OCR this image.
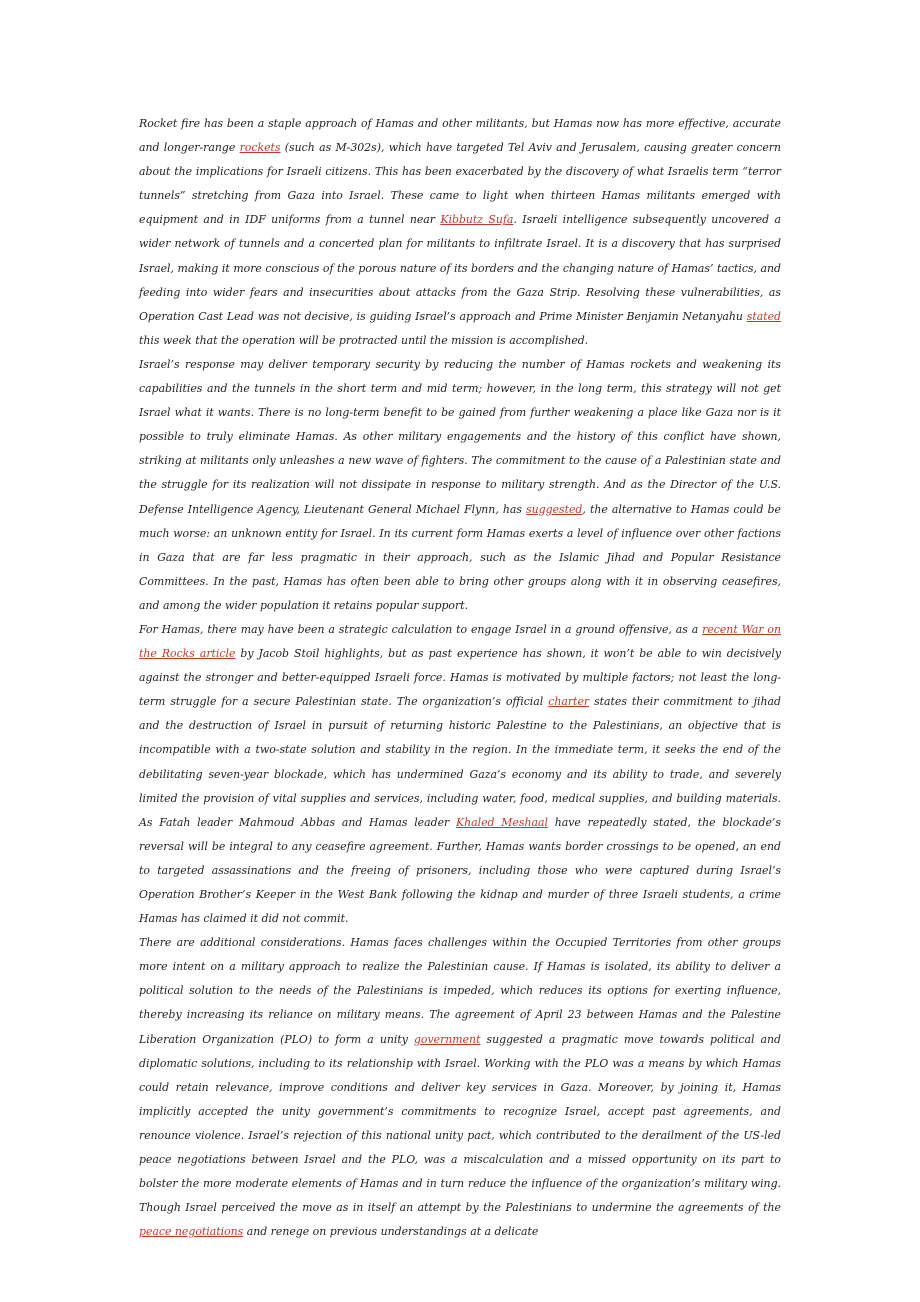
Rocket fire has been a staple approach of Hamas and other militants, but Hamas now has more effective, accurate and longer-range rockets (such as M-302s), which have targeted Tel Aviv and Jerusalem, causing greater concern about the implications for Israeli citizens. This has been exacerbated by the discovery of what Israelis term “terror tunnels” stretching from Gaza into Israel. These came to light when thirteen Hamas militants emerged with equipment and in IDF uniforms from a tunnel near Kibbutz Sufa. Israeli intelligence subsequently uncovered a wider network of tunnels and a concerted plan for militants to infiltrate Israel. It is a discovery that has surprised Israel, making it more conscious of the porous nature of its borders and the changing nature of Hamas’ tactics, and feeding into wider fears and insecurities about attacks from the Gaza Strip. Resolving these vulnerabilities, as Operation Cast Lead was not decisive, is guiding Israel’s approach and Prime Minister Benjamin Netanyahu stated this week that the operation will be protracted until the mission is accomplished.

Israel’s response may deliver temporary security by reducing the number of Hamas rockets and weakening its capabilities and the tunnels in the short term and mid term; however, in the long term, this strategy will not get Israel what it wants. There is no long-term benefit to be gained from further weakening a place like Gaza nor is it possible to truly eliminate Hamas. As other military engagements and the history of this conflict have shown, striking at militants only unleashes a new wave of fighters. The commitment to the cause of a Palestinian state and the struggle for its realization will not dissipate in response to military strength. And as the Director of the U.S. Defense Intelligence Agency, Lieutenant General Michael Flynn, has suggested, the alternative to Hamas could be much worse: an unknown entity for Israel. In its current form Hamas exerts a level of influence over other factions in Gaza that are far less pragmatic in their approach, such as the Islamic Jihad and Popular Resistance Committees. In the past, Hamas has often been able to bring other groups along with it in observing ceasefires, and among the wider population it retains popular support.

For Hamas, there may have been a strategic calculation to engage Israel in a ground offensive, as a recent War on the Rocks article by Jacob Stoil highlights, but as past experience has shown, it won’t be able to win decisively against the stronger and better-equipped Israeli force. Hamas is motivated by multiple factors; not least the long-term struggle for a secure Palestinian state. The organization’s official charter states their commitment to jihad and the destruction of Israel in pursuit of returning historic Palestine to the Palestinians, an objective that is incompatible with a two-state solution and stability in the region. In the immediate term, it seeks the end of the debilitating seven-year blockade, which has undermined Gaza’s economy and its ability to trade, and severely limited the provision of vital supplies and services, including water, food, medical supplies, and building materials. As Fatah leader Mahmoud Abbas and Hamas leader Khaled Meshaal have repeatedly stated, the blockade’s reversal will be integral to any ceasefire agreement. Further, Hamas wants border crossings to be opened, an end to targeted assassinations and the freeing of prisoners, including those who were captured during Israel’s Operation Brother’s Keeper in the West Bank following the kidnap and murder of three Israeli students, a crime Hamas has claimed it did not commit.

There are additional considerations. Hamas faces challenges within the Occupied Territories from other groups more intent on a military approach to realize the Palestinian cause. If Hamas is isolated, its ability to deliver a political solution to the needs of the Palestinians is impeded, which reduces its options for exerting influence, thereby increasing its reliance on military means. The agreement of April 23 between Hamas and the Palestine Liberation Organization (PLO) to form a unity government suggested a pragmatic move towards political and diplomatic solutions, including to its relationship with Israel. Working with the PLO was a means by which Hamas could retain relevance, improve conditions and deliver key services in Gaza. Moreover, by joining it, Hamas implicitly accepted the unity government’s commitments to recognize Israel, accept past agreements, and renounce violence. Israel’s rejection of this national unity pact, which contributed to the derailment of the US-led peace negotiations between Israel and the PLO, was a miscalculation and a missed opportunity on its part to bolster the more moderate elements of Hamas and in turn reduce the influence of the organization’s military wing. Though Israel perceived the move as in itself an attempt by the Palestinians to undermine the agreements of the peace negotiations and renege on previous understandings at a delicate
